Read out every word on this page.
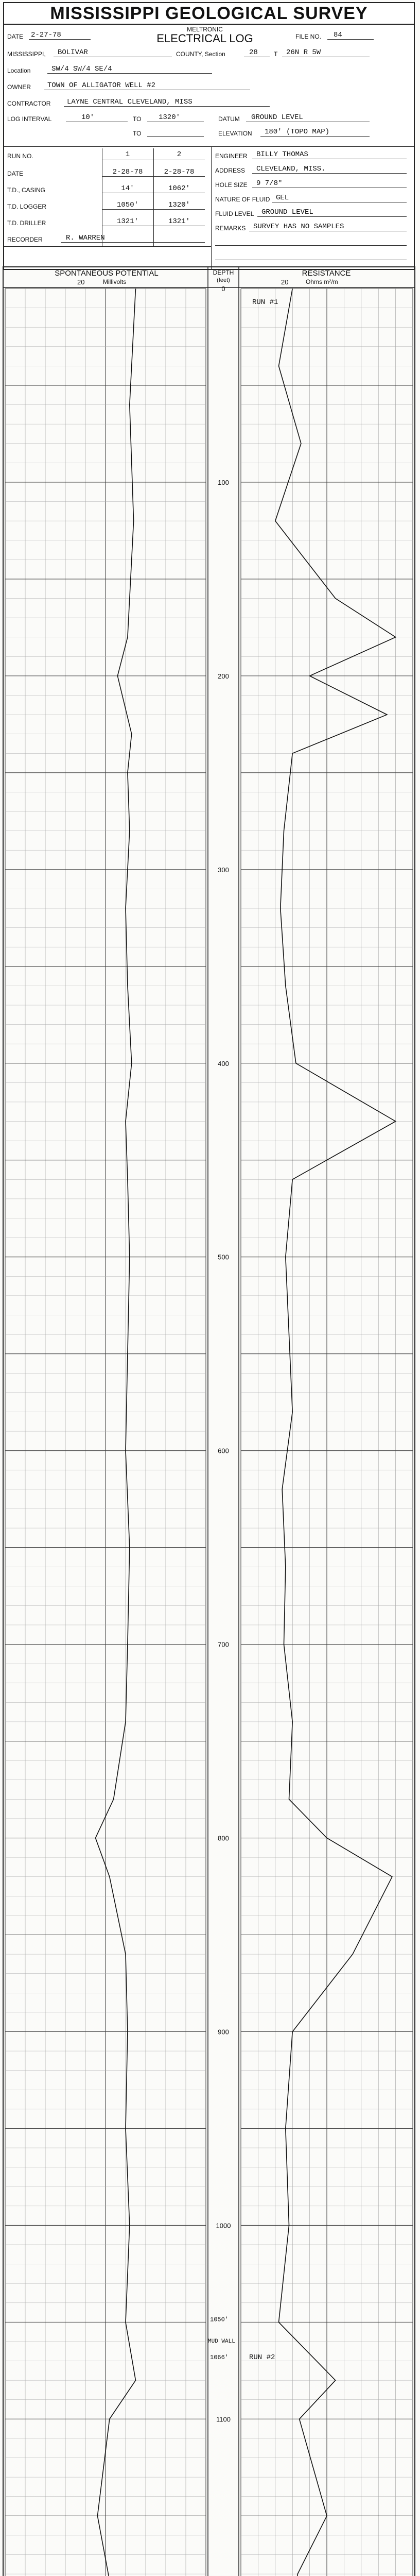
MISSISSIPPI GEOLOGICAL SURVEY
DATE 2-27-78
MELTRONIC
ELECTRICAL LOG	FILE NO. 84
MISSISSIPPI, BOLIVAR	COUNTY, Section	28	T 26N R 5W
Location	SW/4 SW/4 SE/4
OWNER TOWN OF ALLIGATOR WELL #2
CONTRACTOR LAYNE CENTRAL CLEVELAND, MISS
LOG INTERVAL	10'	TO 1320'
TO
DATUM GROUND LEVEL
ELEVATION 180' (TOPO MAP)
RUN NO.	1	2
DATE	2-28-78	2-28-78
T.D., CASING	14'	1062'
T.D. LOGGER	1050'	1320'
T.D. DRILLER	1321'	1321'
RECORDER	R. WARREN
ENGINEER BILLY THOMAS
ADDRESS CLEVELAND, MISS.
HOLE SIZE 9 7/8"
NATURE OF FLUID GEL
FLUID LEVEL GROUND LEVEL
REMARKS SURVEY HAS NO SAMPLES
SPONTANEOUS POTENTIAL
20	Millivolts
DEPTH
(feet)
RESISTANCE
20	Ohms m²/m
0
100
200
300
400
500
600
700
800
900
1000
1100
RUN #1
1050'
MUD WALL
1066'	RUN #2
